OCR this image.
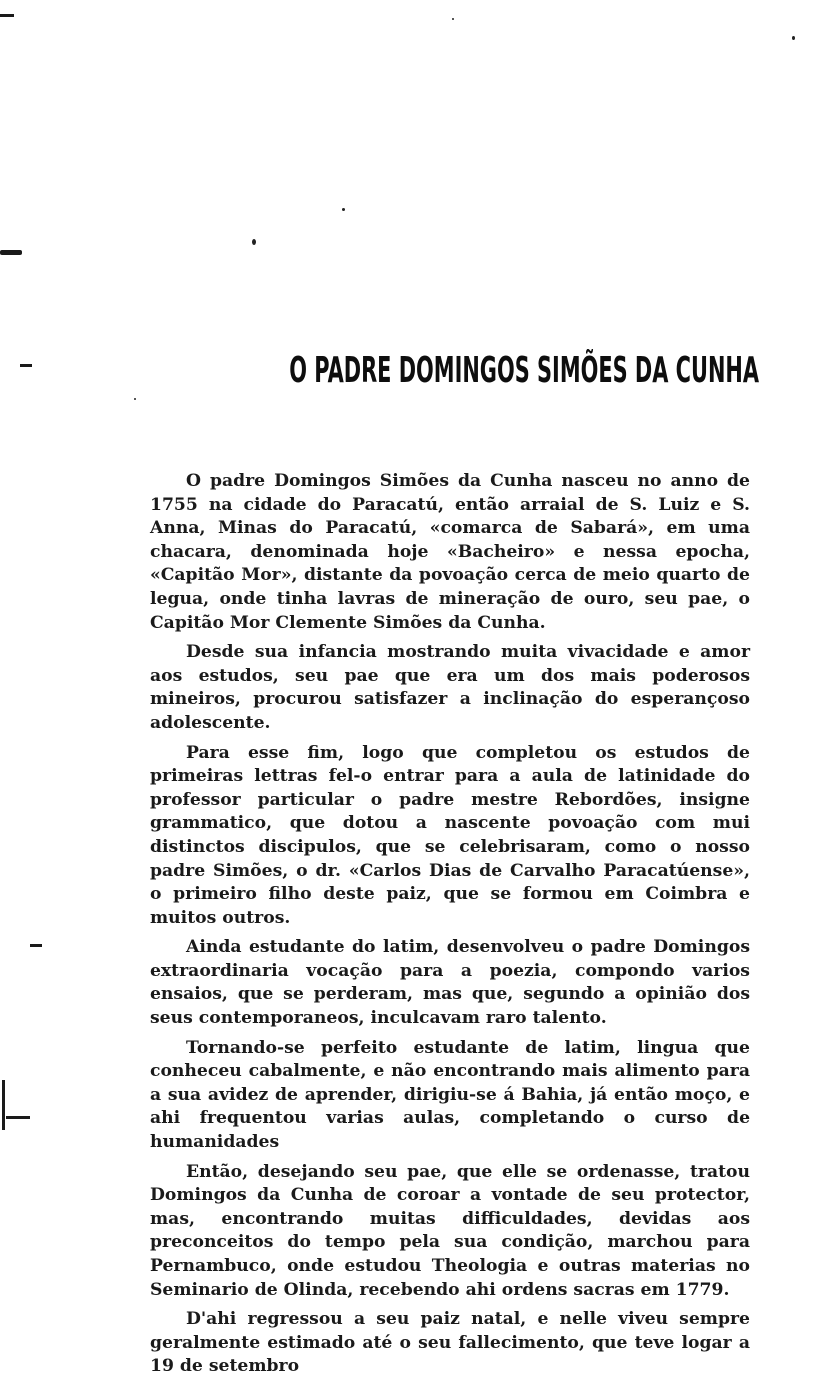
O PADRE DOMINGOS SIMÕES DA CUNHA

O padre Domingos Simões da Cunha nasceu no anno de 1755 na cidade do Paracatú, então arraial de S. Luiz e S. Anna, Minas do Paracatú, «comarca de Sabará», em uma chacara, denominada hoje «Bacheiro» e nessa epocha, «Capitão Mor», distante da povoação cerca de meio quarto de legua, onde tinha lavras de mineração de ouro, seu pae, o Capitão Mor Clemente Simões da Cunha.

Desde sua infancia mostrando muita vivacidade e amor aos estudos, seu pae que era um dos mais poderosos mineiros, procurou satisfazer a inclinação do esperançoso adolescente.

Para esse fim, logo que completou os estudos de primeiras lettras fel-o entrar para a aula de latinidade do professor particular o padre mestre Rebordões, insigne grammatico, que dotou a nascente povoação com mui distinctos discipulos, que se celebrisaram, como o nosso padre Simões, o dr. «Carlos Dias de Carvalho Paracatúense», o primeiro filho deste paiz, que se formou em Coimbra e muitos outros.

Ainda estudante do latim, desenvolveu o padre Domingos extraordinaria vocação para a poezia, compondo varios ensaios, que se perderam, mas que, segundo a opinião dos seus contemporaneos, inculcavam raro talento.

Tornando-se perfeito estudante de latim, lingua que conheceu cabalmente, e não encontrando mais alimento para a sua avidez de aprender, dirigiu-se á Bahia, já então moço, e ahi frequentou varias aulas, completando o curso de humanidades

Então, desejando seu pae, que elle se ordenasse, tratou Domingos da Cunha de coroar a vontade de seu protector, mas, encontrando muitas difficuldades, devidas aos preconceitos do tempo pela sua condição, marchou para Pernambuco, onde estudou Theologia e outras materias no Seminario de Olinda, recebendo ahi ordens sacras em 1779.

D'ahi regressou a seu paiz natal, e nelle viveu sempre geralmente estimado até o seu fallecimento, que teve logar a 19 de setembro
